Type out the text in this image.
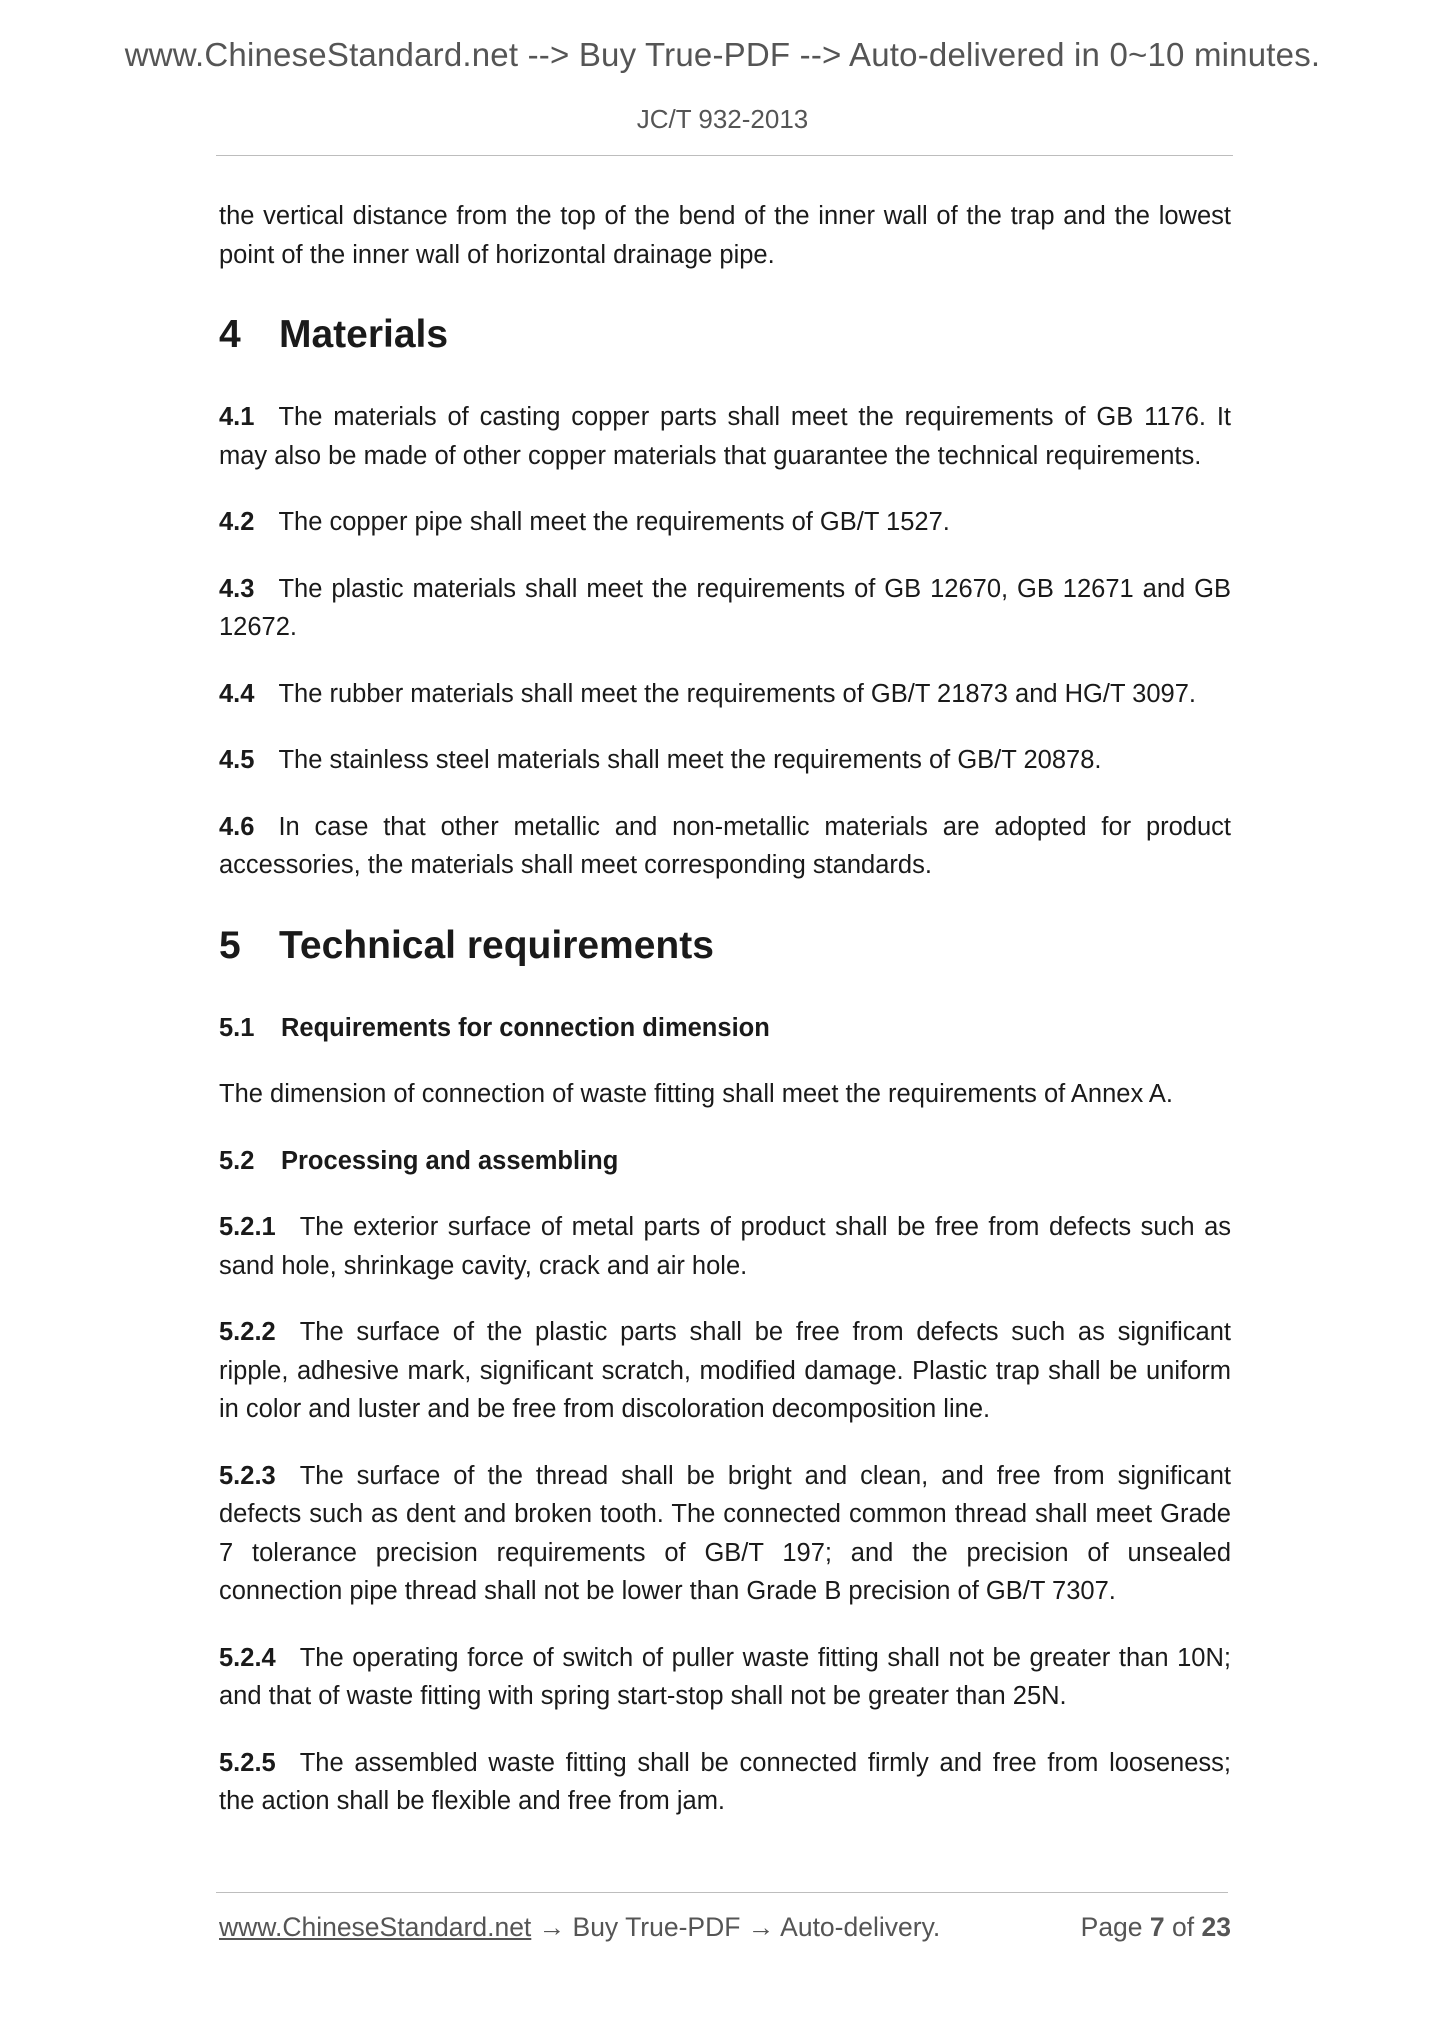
www.ChineseStandard.net --> Buy True-PDF --> Auto-delivered in 0~10 minutes.
JC/T 932-2013

the vertical distance from the top of the bend of the inner wall of the trap and the lowest point of the inner wall of horizontal drainage pipe.

4 Materials

4.1 The materials of casting copper parts shall meet the requirements of GB 1176. It may also be made of other copper materials that guarantee the technical requirements.

4.2 The copper pipe shall meet the requirements of GB/T 1527.

4.3 The plastic materials shall meet the requirements of GB 12670, GB 12671 and GB 12672.

4.4 The rubber materials shall meet the requirements of GB/T 21873 and HG/T 3097.

4.5 The stainless steel materials shall meet the requirements of GB/T 20878.

4.6 In case that other metallic and non-metallic materials are adopted for product accessories, the materials shall meet corresponding standards.

5 Technical requirements
5.1 Requirements for connection dimension

The dimension of connection of waste fitting shall meet the requirements of Annex A.

5.2 Processing and assembling

5.2.1 The exterior surface of metal parts of product shall be free from defects such as sand hole, shrinkage cavity, crack and air hole.

5.2.2 The surface of the plastic parts shall be free from defects such as significant ripple, adhesive mark, significant scratch, modified damage. Plastic trap shall be uniform in color and luster and be free from discoloration decomposition line.

5.2.3 The surface of the thread shall be bright and clean, and free from significant defects such as dent and broken tooth. The connected common thread shall meet Grade 7 tolerance precision requirements of GB/T 197; and the precision of unsealed connection pipe thread shall not be lower than Grade B precision of GB/T 7307.

5.2.4 The operating force of switch of puller waste fitting shall not be greater than 10N; and that of waste fitting with spring start-stop shall not be greater than 25N.

5.2.5 The assembled waste fitting shall be connected firmly and free from looseness; the action shall be flexible and free from jam.

www.ChineseStandard.net → Buy True-PDF → Auto-delivery.	Page 7 of 23
